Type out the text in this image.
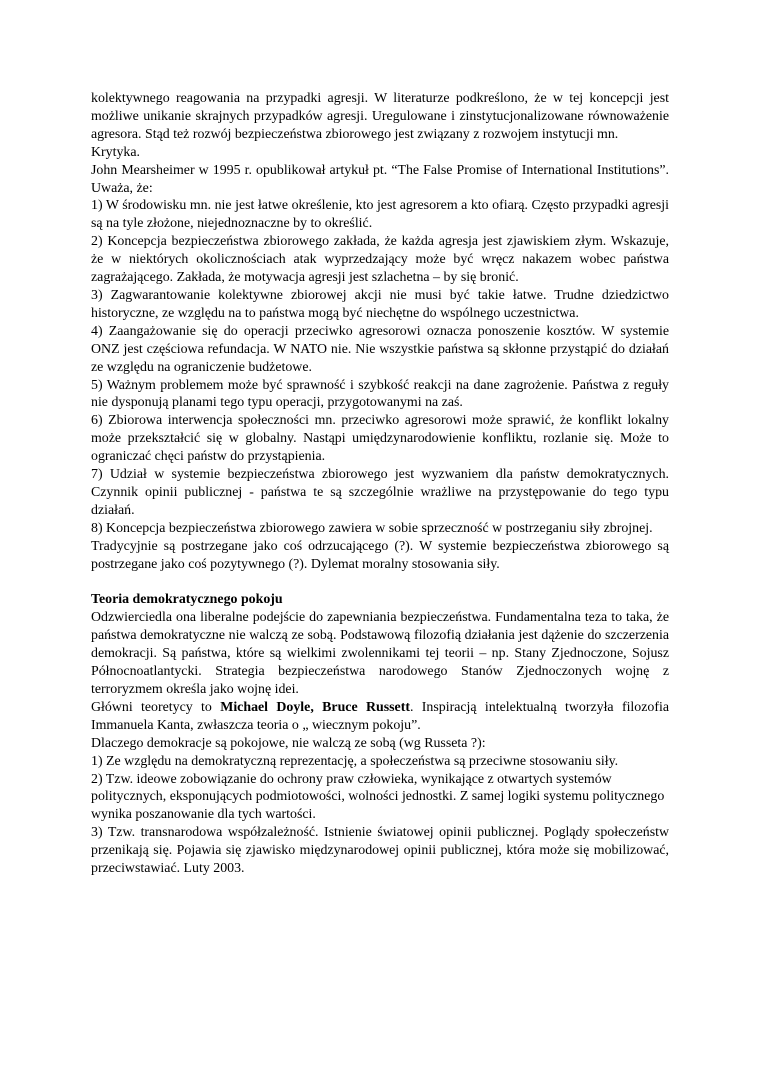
kolektywnego reagowania na przypadki agresji. W literaturze podkreślono, że w tej koncepcji jest możliwe unikanie skrajnych przypadków agresji. Uregulowane i zinstytucjonalizowane równoważenie agresora. Stąd też rozwój bezpieczeństwa zbiorowego jest związany z rozwojem instytucji mn.

Krytyka.

John Mearsheimer w 1995 r. opublikował artykuł pt. “The False Promise of International Institutions”. Uważa, że:

1) W środowisku mn. nie jest łatwe określenie, kto jest agresorem a kto ofiarą. Często przypadki agresji są na tyle złożone, niejednoznaczne by to określić.

2) Koncepcja bezpieczeństwa zbiorowego zakłada, że każda agresja jest zjawiskiem złym. Wskazuje, że w niektórych okolicznościach atak wyprzedzający może być wręcz nakazem wobec państwa zagrażającego. Zakłada, że motywacja agresji jest szlachetna – by się bronić.

3) Zagwarantowanie kolektywne zbiorowej akcji nie musi być takie łatwe. Trudne dziedzictwo historyczne, ze względu na to państwa mogą być niechętne do wspólnego uczestnictwa.

4) Zaangażowanie się do operacji przeciwko agresorowi oznacza ponoszenie kosztów. W systemie ONZ jest częściowa refundacja. W NATO nie. Nie wszystkie państwa są skłonne przystąpić do działań ze względu na ograniczenie budżetowe.

5) Ważnym problemem może być sprawność i szybkość reakcji na dane zagrożenie. Państwa z reguły nie dysponują planami tego typu operacji, przygotowanymi na zaś.

6) Zbiorowa interwencja społeczności mn. przeciwko agresorowi może sprawić, że konflikt lokalny może przekształcić się w globalny. Nastąpi umiędzynarodowienie konfliktu, rozlanie się. Może to ograniczać chęci państw do przystąpienia.

7) Udział w systemie bezpieczeństwa zbiorowego jest wyzwaniem dla państw demokratycznych. Czynnik opinii publicznej - państwa te są szczególnie wrażliwe na przystępowanie do tego typu działań.

8) Koncepcja bezpieczeństwa zbiorowego zawiera w sobie sprzeczność w postrzeganiu siły zbrojnej.

Tradycyjnie są postrzegane jako coś odrzucającego (?). W systemie bezpieczeństwa zbiorowego są postrzegane jako coś pozytywnego (?). Dylemat moralny stosowania siły.

Teoria demokratycznego pokoju

Odzwierciedla ona liberalne podejście do zapewniania bezpieczeństwa. Fundamentalna teza to taka, że państwa demokratyczne nie walczą ze sobą. Podstawową filozofią działania jest dążenie do szczerzenia demokracji. Są państwa, które są wielkimi zwolennikami tej teorii – np. Stany Zjednoczone, Sojusz Północnoatlantycki. Strategia bezpieczeństwa narodowego Stanów Zjednoczonych wojnę z terroryzmem określa jako wojnę idei.

Główni teoretycy to Michael Doyle, Bruce Russett. Inspiracją intelektualną tworzyła filozofia Immanuela Kanta, zwłaszcza teoria o „ wiecznym pokoju”.

Dlaczego demokracje są pokojowe, nie walczą ze sobą (wg Russeta ?):

1) Ze względu na demokratyczną reprezentację, a społeczeństwa są przeciwne stosowaniu siły.

2) Tzw. ideowe zobowiązanie do ochrony praw człowieka, wynikające z otwartych systemów

politycznych, eksponujących podmiotowości, wolności jednostki. Z samej logiki systemu politycznego wynika poszanowanie dla tych wartości.

3) Tzw. transnarodowa współzależność. Istnienie światowej opinii publicznej. Poglądy społeczeństw przenikają się. Pojawia się zjawisko międzynarodowej opinii publicznej, która może się mobilizować, przeciwstawiać. Luty 2003.
